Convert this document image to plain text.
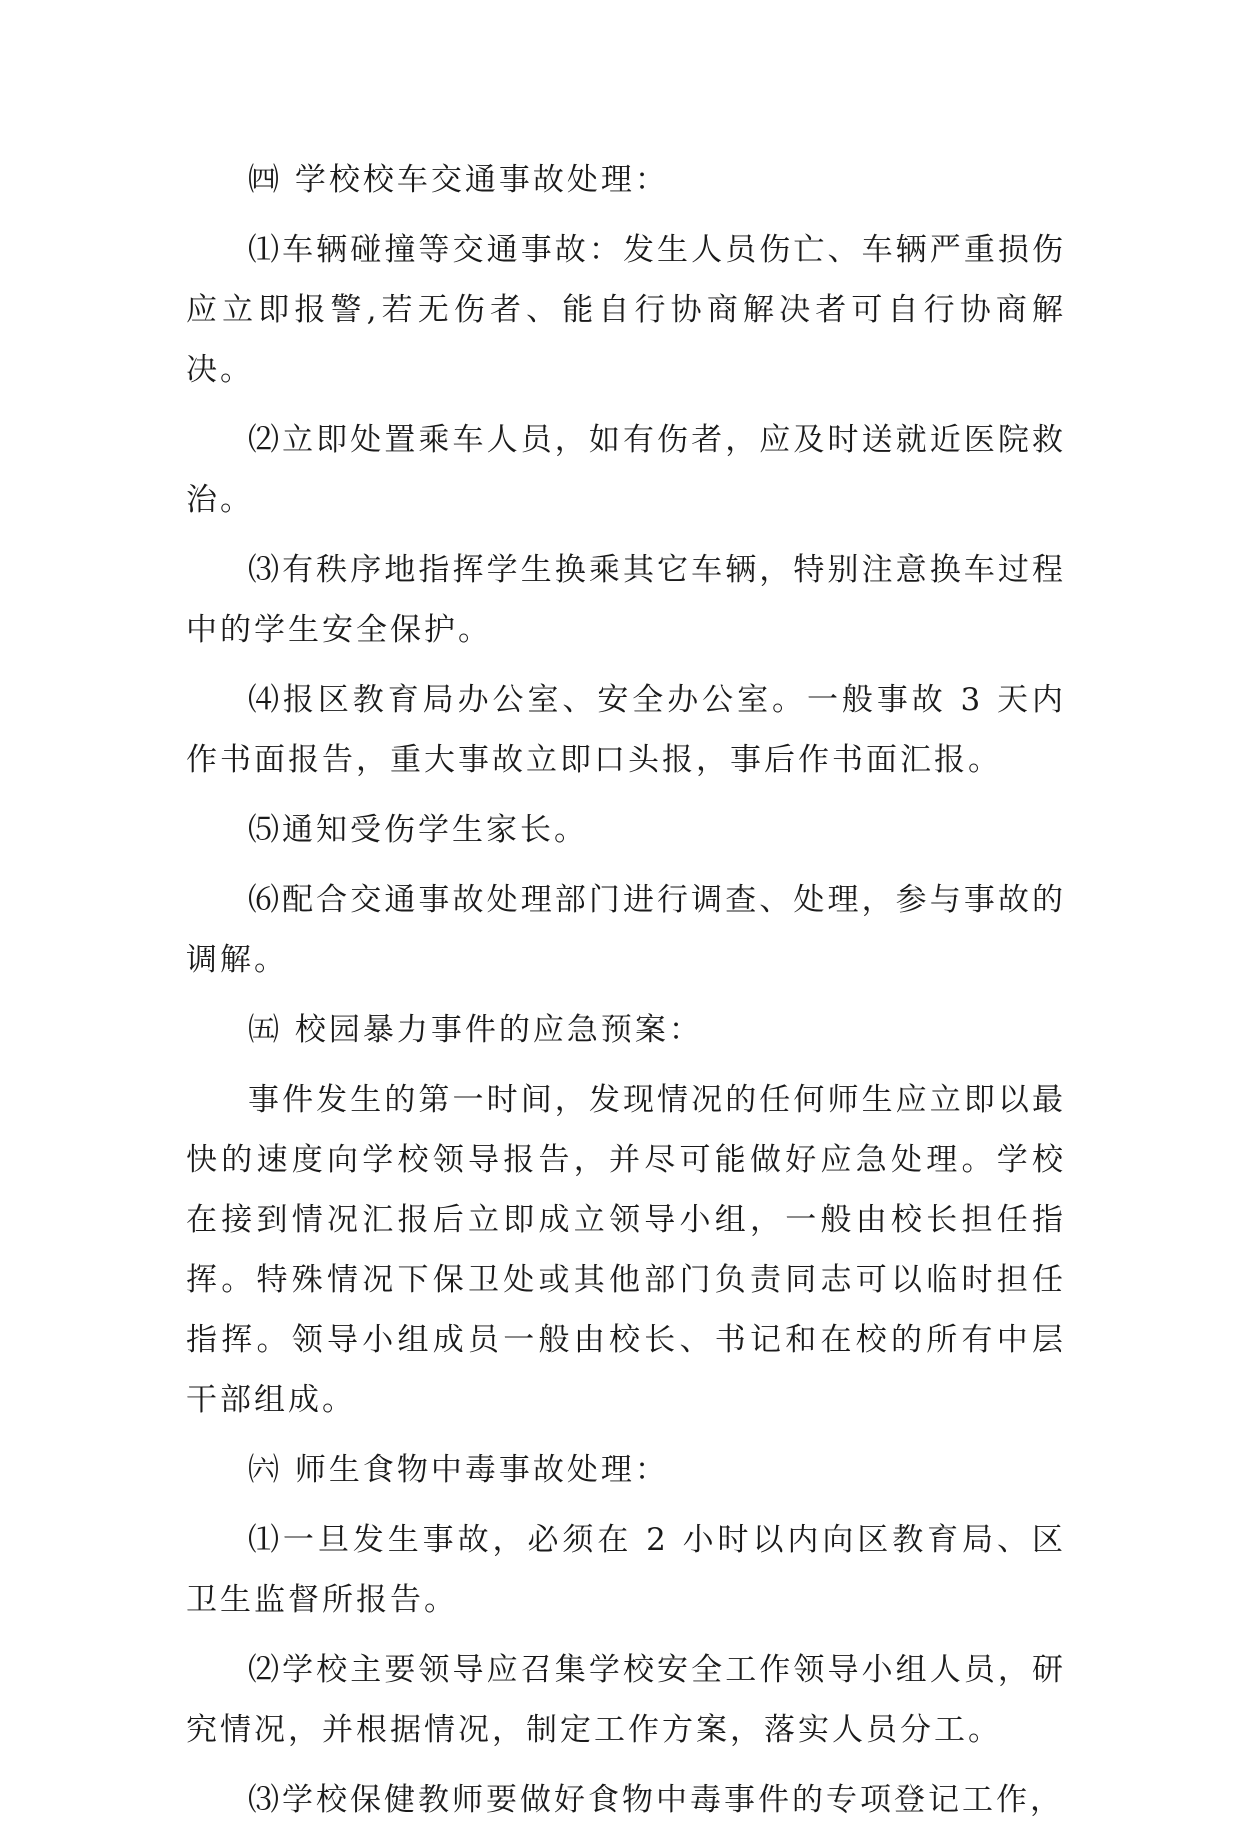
㈣ 学校校车交通事故处理：

⑴车辆碰撞等交通事故：发生人员伤亡、车辆严重损伤应立即报警,若无伤者、能自行协商解决者可自行协商解决。

⑵立即处置乘车人员，如有伤者，应及时送就近医院救治。

⑶有秩序地指挥学生换乘其它车辆，特别注意换车过程中的学生安全保护。

⑷报区教育局办公室、安全办公室。一般事故 3 天内作书面报告，重大事故立即口头报，事后作书面汇报。

⑸通知受伤学生家长。

⑹配合交通事故处理部门进行调查、处理，参与事故的调解。

㈤ 校园暴力事件的应急预案：

事件发生的第一时间，发现情况的任何师生应立即以最快的速度向学校领导报告，并尽可能做好应急处理。学校在接到情况汇报后立即成立领导小组，一般由校长担任指挥。特殊情况下保卫处或其他部门负责同志可以临时担任指挥。领导小组成员一般由校长、书记和在校的所有中层干部组成。

㈥ 师生食物中毒事故处理：

⑴一旦发生事故，必须在 2 小时以内向区教育局、区卫生监督所报告。

⑵学校主要领导应召集学校安全工作领导小组人员，研究情况，并根据情况，制定工作方案，落实人员分工。

⑶学校保健教师要做好食物中毒事件的专项登记工作，
